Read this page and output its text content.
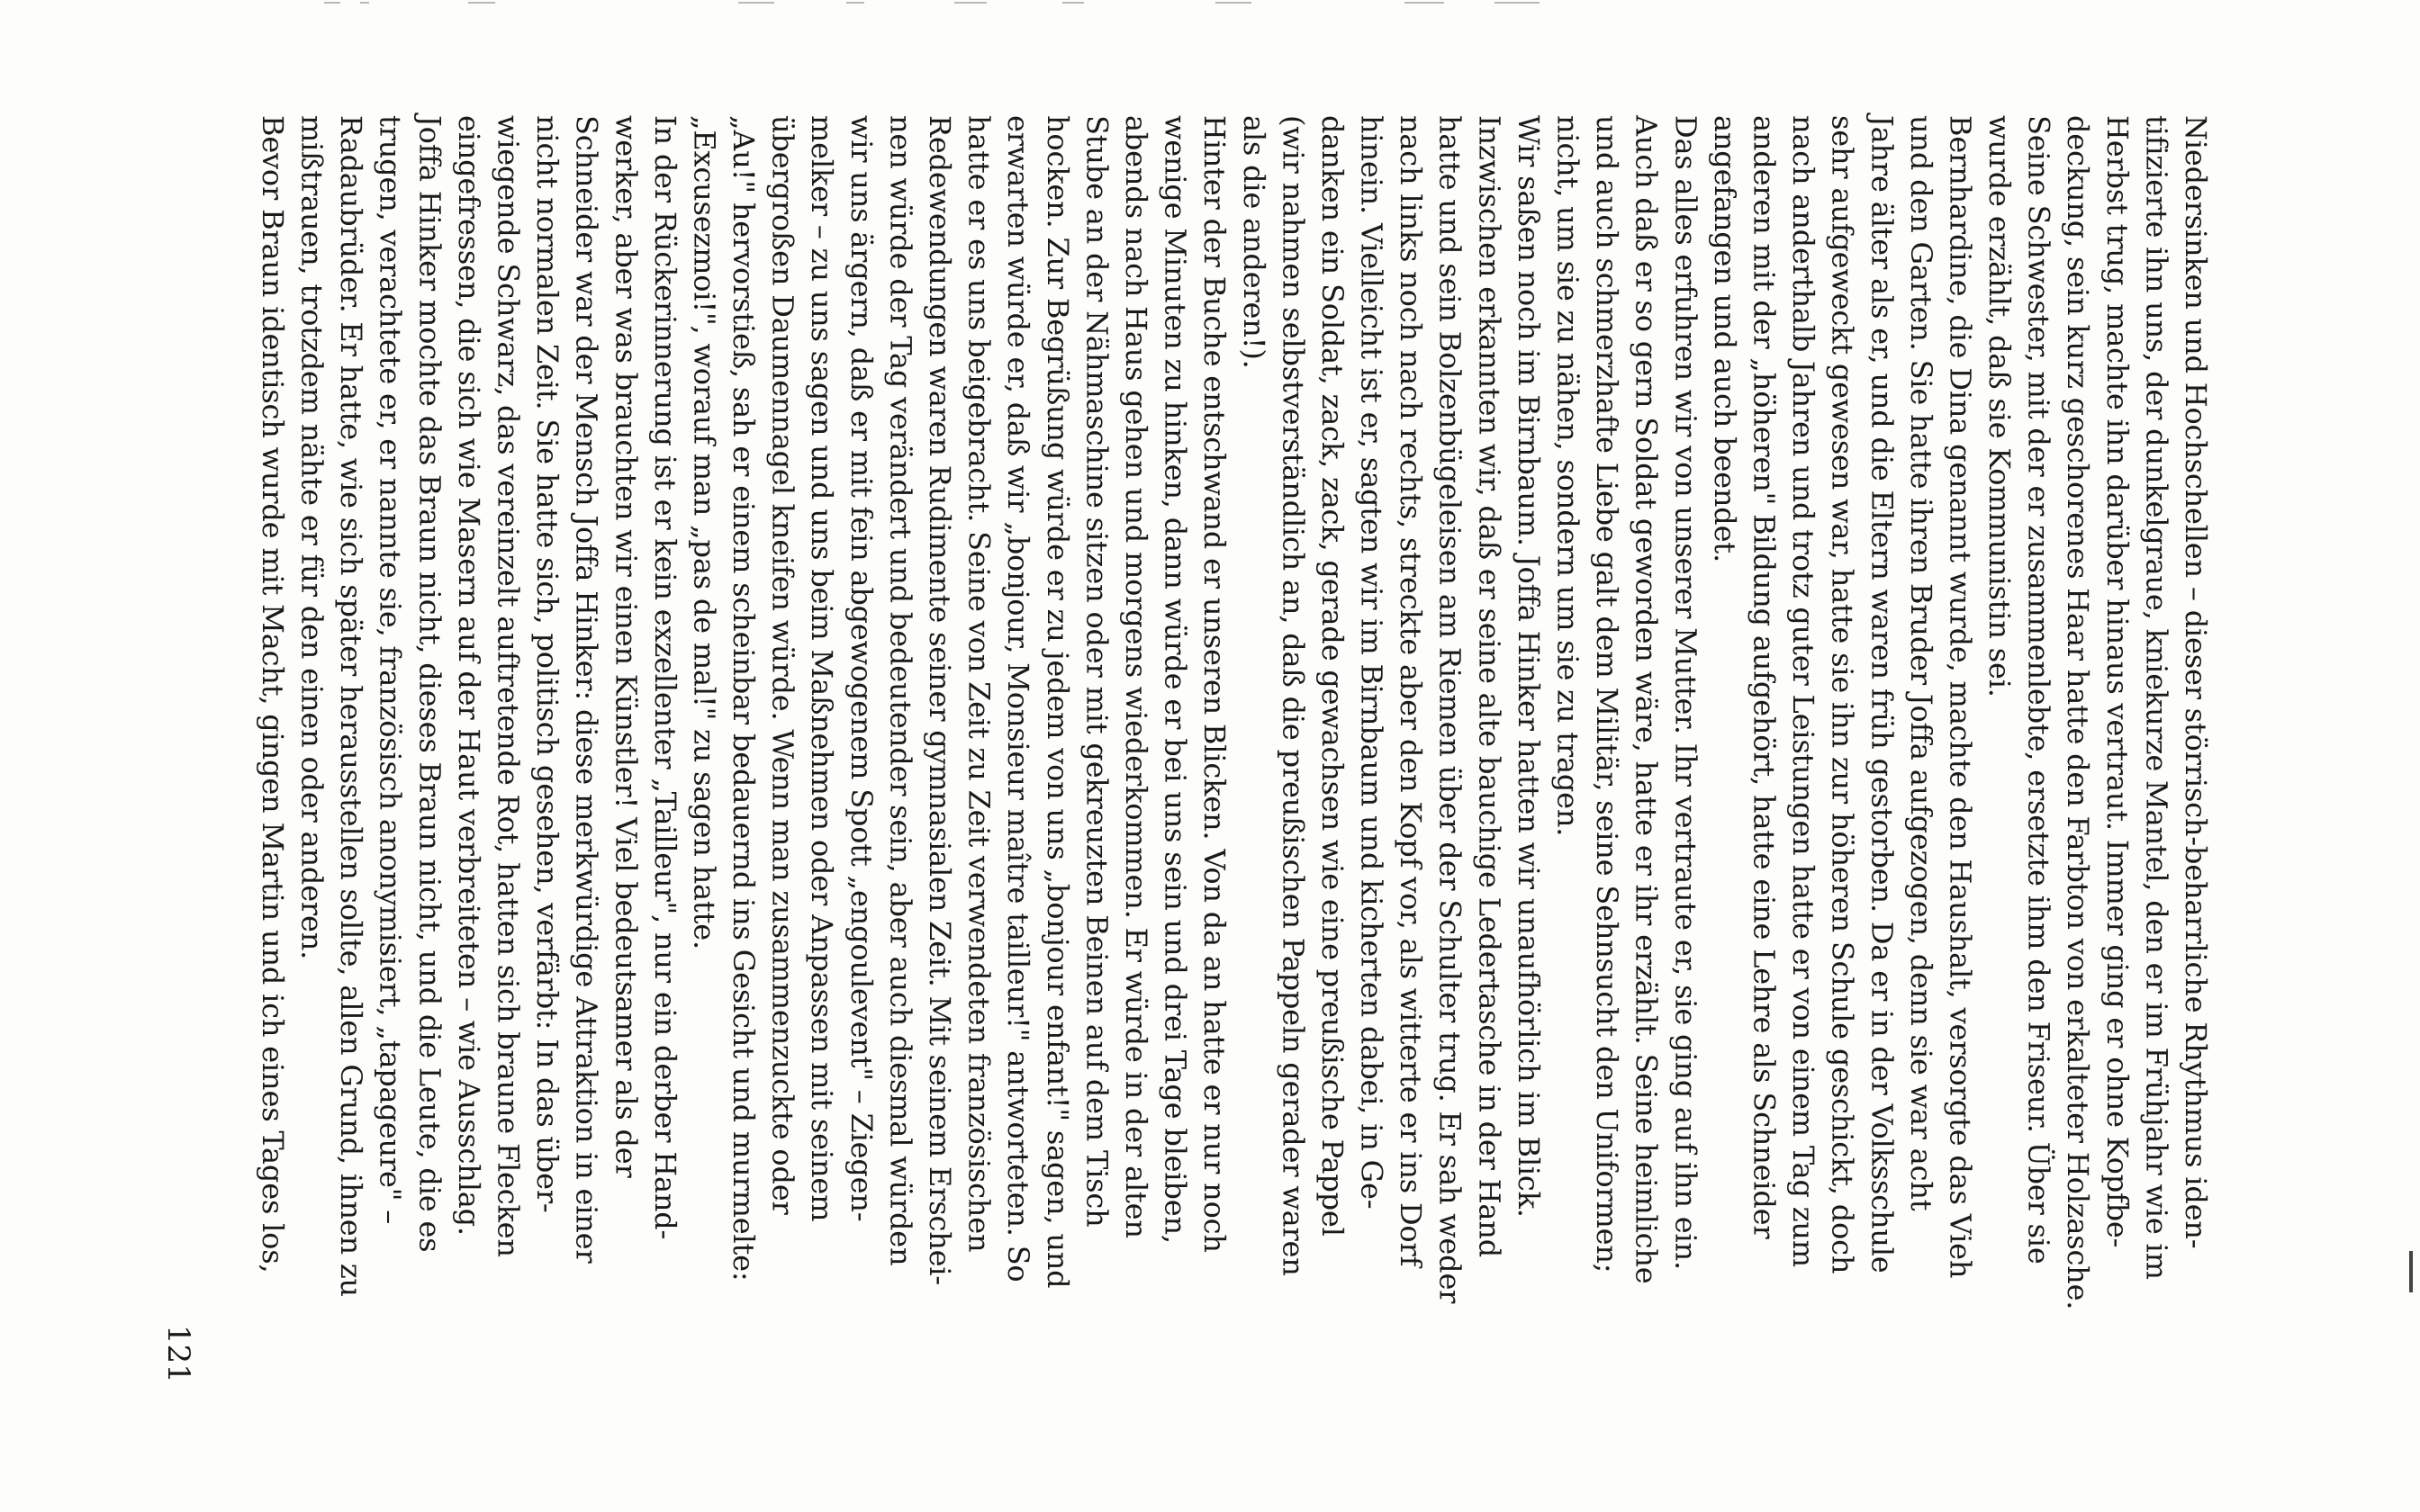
Niedersinken und Hochschellen – dieser störrisch-beharrliche Rhythmus iden-
tifizierte ihn uns, der dunkelgraue, kniekurze Mantel, den er im Frühjahr wie im
Herbst trug, machte ihn darüber hinaus vertraut. Immer ging er ohne Kopfbe-
deckung, sein kurz geschorenes Haar hatte den Farbton von erkalteter Holzasche.
Seine Schwester, mit der er zusammenlebte, ersetzte ihm den Friseur. Über sie
wurde erzählt, daß sie Kommunistin sei.
Bernhardine, die Dina genannt wurde, machte den Haushalt, versorgte das Vieh
und den Garten. Sie hatte ihren Bruder Joffa aufgezogen, denn sie war acht
Jahre älter als er, und die Eltern waren früh gestorben. Da er in der Volksschule
sehr aufgeweckt gewesen war, hatte sie ihn zur höheren Schule geschickt, doch
nach anderthalb Jahren und trotz guter Leistungen hatte er von einem Tag zum
anderen mit der „höheren" Bildung aufgehört, hatte eine Lehre als Schneider
angefangen und auch beendet.
Das alles erfuhren wir von unserer Mutter. Ihr vertraute er, sie ging auf ihn ein.
Auch daß er so gern Soldat geworden wäre, hatte er ihr erzählt. Seine heimliche
und auch schmerzhafte Liebe galt dem Militär, seine Sehnsucht den Uniformen;
nicht, um sie zu nähen, sondern um sie zu tragen.
Wir saßen noch im Birnbaum. Joffa Hinker hatten wir unaufhörlich im Blick.
Inzwischen erkannten wir, daß er seine alte bauchige Ledertasche in der Hand
hatte und sein Bolzenbügeleisen am Riemen über der Schulter trug. Er sah weder
nach links noch nach rechts, streckte aber den Kopf vor, als witterte er ins Dorf
hinein. Vielleicht ist er, sagten wir im Birnbaum und kicherten dabei, in Ge-
danken ein Soldat, zack, zack, gerade gewachsen wie eine preußische Pappel
(wir nahmen selbstverständlich an, daß die preußischen Pappeln gerader waren
als die anderen!).
Hinter der Buche entschwand er unseren Blicken. Von da an hatte er nur noch
wenige Minuten zu hinken, dann würde er bei uns sein und drei Tage bleiben,
abends nach Haus gehen und morgens wiederkommen. Er würde in der alten
Stube an der Nähmaschine sitzen oder mit gekreuzten Beinen auf dem Tisch
hocken. Zur Begrüßung würde er zu jedem von uns „bonjour enfant!" sagen, und
erwarten würde er, daß wir „bonjour, Monsieur maître tailleur!" antworteten. So
hatte er es uns beigebracht. Seine von Zeit zu Zeit verwendeten französischen
Redewendungen waren Rudimente seiner gymnasialen Zeit. Mit seinem Erschei-
nen würde der Tag verändert und bedeutender sein, aber auch diesmal würden
wir uns ärgern, daß er mit fein abgewogenem Spott „engoulevent" – Ziegen-
melker – zu uns sagen und uns beim Maßnehmen oder Anpassen mit seinem
übergroßen Daumennagel kneifen würde. Wenn man zusammenzuckte oder
„Au!" hervorstieß, sah er einem scheinbar bedauernd ins Gesicht und murmelte:
„Excusezmoi!", worauf man „pas de mal!" zu sagen hatte.
In der Rückerinnerung ist er kein exzellenter „Tailleur", nur ein derber Hand-
werker, aber was brauchten wir einen Künstler! Viel bedeutsamer als der
Schneider war der Mensch Joffa Hinker: diese merkwürdige Attraktion in einer
nicht normalen Zeit. Sie hatte sich, politisch gesehen, verfärbt: In das über-
wiegende Schwarz, das vereinzelt auftretende Rot, hatten sich braune Flecken
eingefressen, die sich wie Masern auf der Haut verbreiteten – wie Ausschlag.
Joffa Hinker mochte das Braun nicht, dieses Braun nicht, und die Leute, die es
trugen, verachtete er, er nannte sie, französisch anonymisiert, „tapageure" –
Radaubrüder. Er hatte, wie sich später herausstellen sollte, allen Grund, ihnen zu
mißtrauen, trotzdem nähte er für den einen oder anderen.
Bevor Braun identisch wurde mit Macht, gingen Martin und ich eines Tages los,
121
